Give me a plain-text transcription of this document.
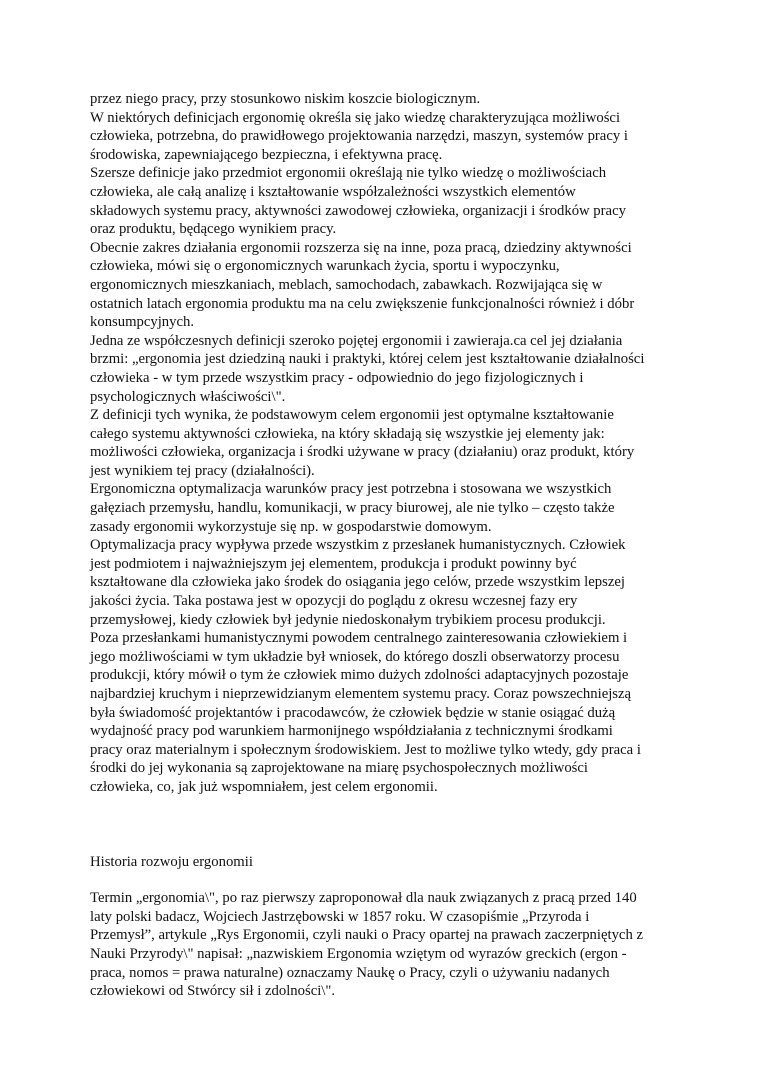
przez niego pracy, przy stosunkowo niskim koszcie biologicznym.
W niektórych definicjach ergonomię określa się jako wiedzę charakteryzująca możliwości
człowieka, potrzebna, do prawidłowego projektowania narzędzi, maszyn, systemów pracy i
środowiska, zapewniającego bezpieczna, i efektywna pracę.
Szersze definicje jako przedmiot ergonomii określają nie tylko wiedzę o możliwościach
człowieka, ale całą analizę i kształtowanie współzależności wszystkich elementów
składowych systemu pracy, aktywności zawodowej człowieka, organizacji i środków pracy
oraz produktu, będącego wynikiem pracy.
Obecnie zakres działania ergonomii rozszerza się na inne, poza pracą, dziedziny aktywności
człowieka, mówi się o ergonomicznych warunkach życia, sportu i wypoczynku,
ergonomicznych mieszkaniach, meblach, samochodach, zabawkach. Rozwijająca się w
ostatnich latach ergonomia produktu ma na celu zwiększenie funkcjonalności również i dóbr
konsumpcyjnych.
Jedna ze współczesnych definicji szeroko pojętej ergonomii i zawieraja.ca cel jej działania
brzmi: „ergonomia jest dziedziną nauki i praktyki, której celem jest kształtowanie działalności
człowieka - w tym przede wszystkim pracy - odpowiednio do jego fizjologicznych i
psychologicznych właściwości\".
Z definicji tych wynika, że podstawowym celem ergonomii jest optymalne kształtowanie
całego systemu aktywności człowieka, na który składają się wszystkie jej elementy jak:
możliwości człowieka, organizacja i środki używane w pracy (działaniu) oraz produkt, który
jest wynikiem tej pracy (działalności).
Ergonomiczna optymalizacja warunków pracy jest potrzebna i stosowana we wszystkich
gałęziach przemysłu, handlu, komunikacji, w pracy biurowej, ale nie tylko – często także
zasady ergonomii wykorzystuje się np. w gospodarstwie domowym.
Optymalizacja pracy wypływa przede wszystkim z przesłanek humanistycznych. Człowiek
jest podmiotem i najważniejszym jej elementem, produkcja i produkt powinny być
kształtowane dla człowieka jako środek do osiągania jego celów, przede wszystkim lepszej
jakości życia. Taka postawa jest w opozycji do poglądu z okresu wczesnej fazy ery
przemysłowej, kiedy człowiek był jedynie niedoskonałym trybikiem procesu produkcji.
Poza przesłankami humanistycznymi powodem centralnego zainteresowania człowiekiem i
jego możliwościami w tym układzie był wniosek, do którego doszli obserwatorzy procesu
produkcji, który mówił o tym że człowiek mimo dużych zdolności adaptacyjnych pozostaje
najbardziej kruchym i nieprzewidzianym elementem systemu pracy. Coraz powszechniejszą
była świadomość projektantów i pracodawców, że człowiek będzie w stanie osiągać dużą
wydajność pracy pod warunkiem harmonijnego współdziałania z technicznymi środkami
pracy oraz materialnym i społecznym środowiskiem. Jest to możliwe tylko wtedy, gdy praca i
środki do jej wykonania są zaprojektowane na miarę psychospołecznych możliwości
człowieka, co, jak już wspomniałem, jest celem ergonomii.
Historia rozwoju ergonomii
Termin „ergonomia\", po raz pierwszy zaproponował dla nauk związanych z pracą przed 140
laty polski badacz, Wojciech Jastrzębowski w 1857 roku. W czasopiśmie „Przyroda i
Przemysł”, artykule „Rys Ergonomii, czyli nauki o Pracy opartej na prawach zaczerpniętych z
Nauki Przyrody\" napisał: „nazwiskiem Ergonomia wziętym od wyrazów greckich (ergon -
praca, nomos = prawa naturalne) oznaczamy Naukę o Pracy, czyli o używaniu nadanych
człowiekowi od Stwórcy sił i zdolności\".
